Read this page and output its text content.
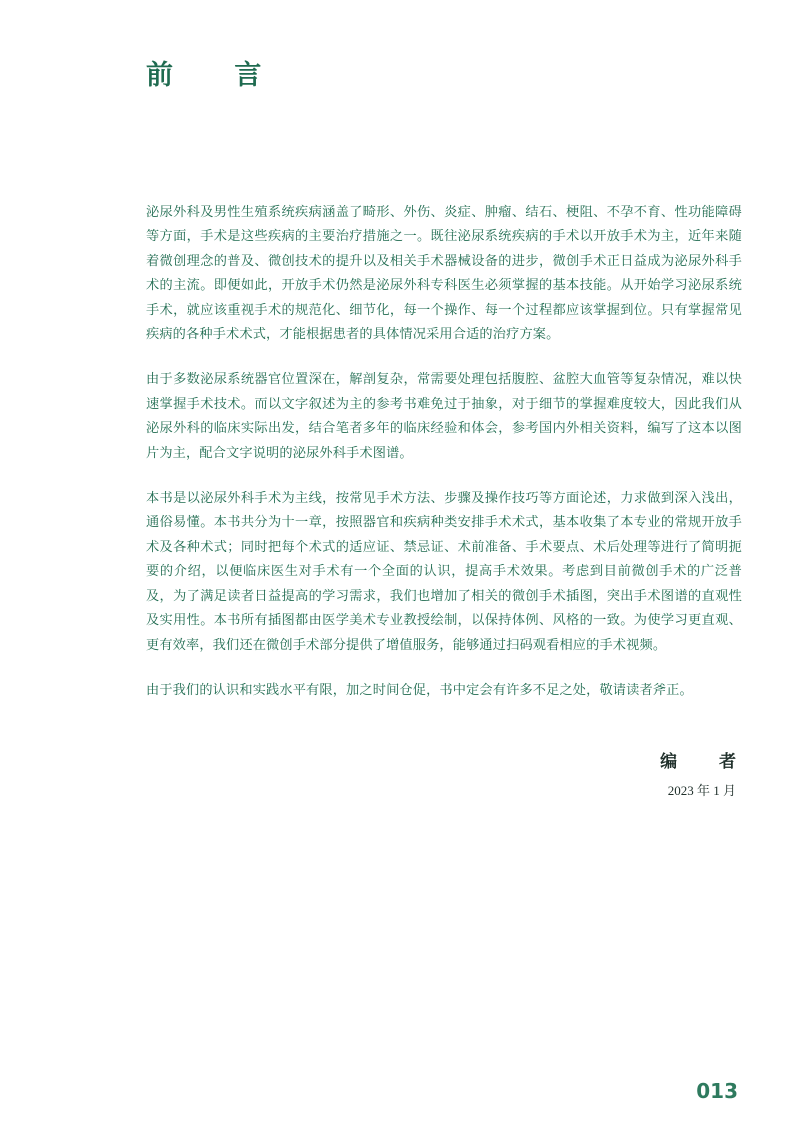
前 言

泌尿外科及男性生殖系统疾病涵盖了畸形、外伤、炎症、肿瘤、结石、梗阻、不孕不育、性功能障碍等方面，手术是这些疾病的主要治疗措施之一。既往泌尿系统疾病的手术以开放手术为主，近年来随着微创理念的普及、微创技术的提升以及相关手术器械设备的进步，微创手术正日益成为泌尿外科手术的主流。即便如此，开放手术仍然是泌尿外科专科医生必须掌握的基本技能。从开始学习泌尿系统手术，就应该重视手术的规范化、细节化，每一个操作、每一个过程都应该掌握到位。只有掌握常见疾病的各种手术术式，才能根据患者的具体情况采用合适的治疗方案。

由于多数泌尿系统器官位置深在，解剖复杂，常需要处理包括腹腔、盆腔大血管等复杂情况，难以快速掌握手术技术。而以文字叙述为主的参考书难免过于抽象，对于细节的掌握难度较大，因此我们从泌尿外科的临床实际出发，结合笔者多年的临床经验和体会，参考国内外相关资料，编写了这本以图片为主，配合文字说明的泌尿外科手术图谱。

本书是以泌尿外科手术为主线，按常见手术方法、步骤及操作技巧等方面论述，力求做到深入浅出，通俗易懂。本书共分为十一章，按照器官和疾病种类安排手术术式，基本收集了本专业的常规开放手术及各种术式；同时把每个术式的适应证、禁忌证、术前准备、手术要点、术后处理等进行了简明扼要的介绍，以便临床医生对手术有一个全面的认识，提高手术效果。考虑到目前微创手术的广泛普及，为了满足读者日益提高的学习需求，我们也增加了相关的微创手术插图，突出手术图谱的直观性及实用性。本书所有插图都由医学美术专业教授绘制，以保持体例、风格的一致。为使学习更直观、更有效率，我们还在微创手术部分提供了增值服务，能够通过扫码观看相应的手术视频。

由于我们的认识和实践水平有限，加之时间仓促，书中定会有许多不足之处，敬请读者斧正。

编 者
2023 年 1 月
013
